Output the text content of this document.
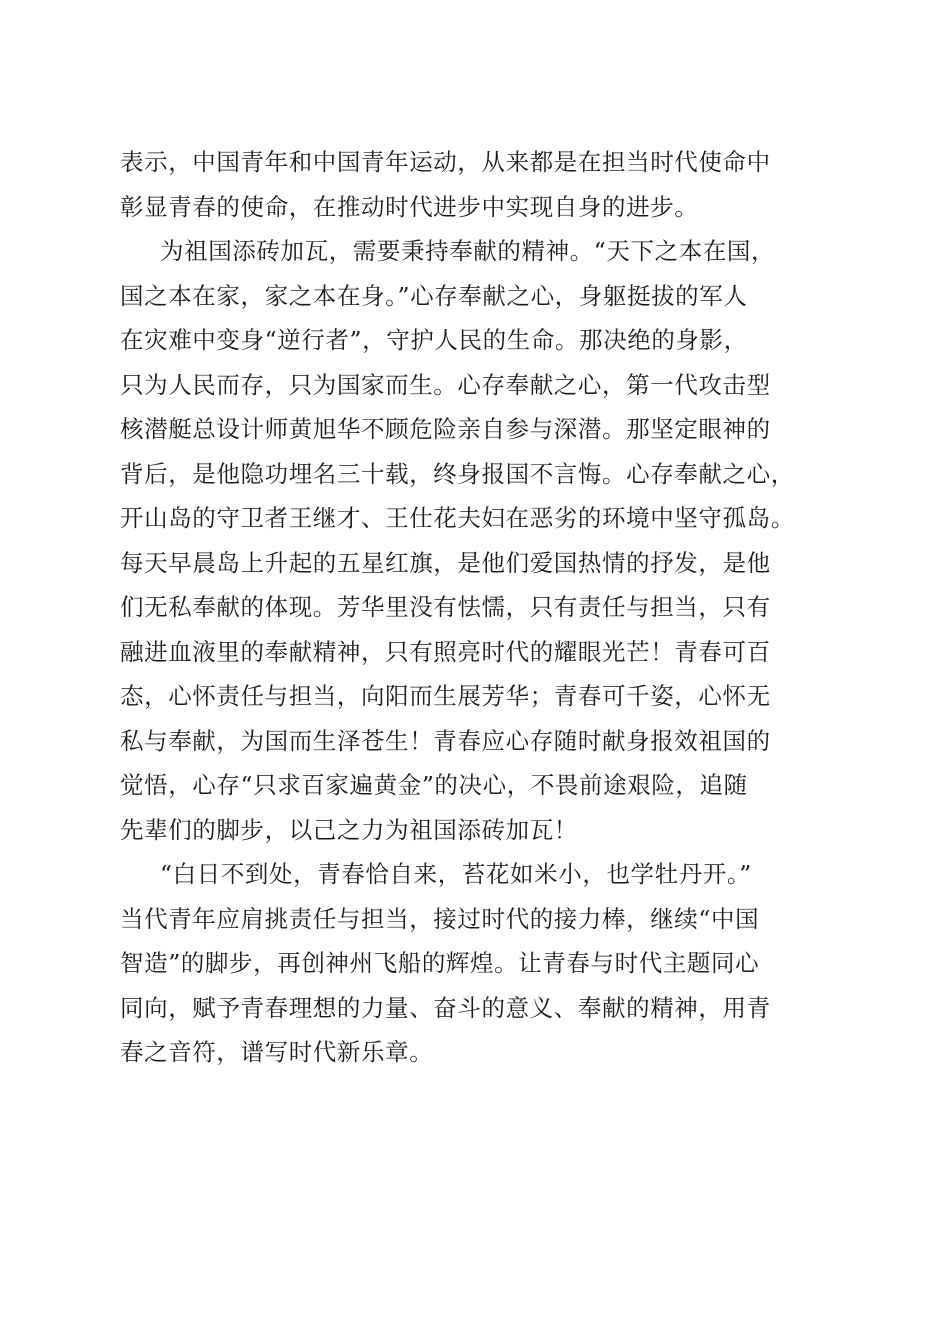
表示，中国青年和中国青年运动，从来都是在担当时代使命中
彰显青春的使命，在推动时代进步中实现自身的进步。
为祖国添砖加瓦，需要秉持奉献的精神。“天下之本在国，
国之本在家，家之本在身。”心存奉献之心，身躯挺拔的军人
在灾难中变身“逆行者”，守护人民的生命。那决绝的身影，
只为人民而存，只为国家而生。心存奉献之心，第一代攻击型
核潜艇总设计师黄旭华不顾危险亲自参与深潜。那坚定眼神的
背后，是他隐功埋名三十载，终身报国不言悔。心存奉献之心，
开山岛的守卫者王继才、王仕花夫妇在恶劣的环境中坚守孤岛。
每天早晨岛上升起的五星红旗，是他们爱国热情的抒发，是他
们无私奉献的体现。芳华里没有怯懦，只有责任与担当，只有
融进血液里的奉献精神，只有照亮时代的耀眼光芒！青春可百
态，心怀责任与担当，向阳而生展芳华；青春可千姿，心怀无
私与奉献，为国而生泽苍生！青春应心存随时献身报效祖国的
觉悟，心存“只求百家遍黄金”的决心，不畏前途艰险，追随
先辈们的脚步，以己之力为祖国添砖加瓦！
“白日不到处，青春恰自来，苔花如米小，也学牡丹开。”
当代青年应肩挑责任与担当，接过时代的接力棒，继续“中国
智造”的脚步，再创神州飞船的辉煌。让青春与时代主题同心
同向，赋予青春理想的力量、奋斗的意义、奉献的精神，用青
春之音符，谱写时代新乐章。
